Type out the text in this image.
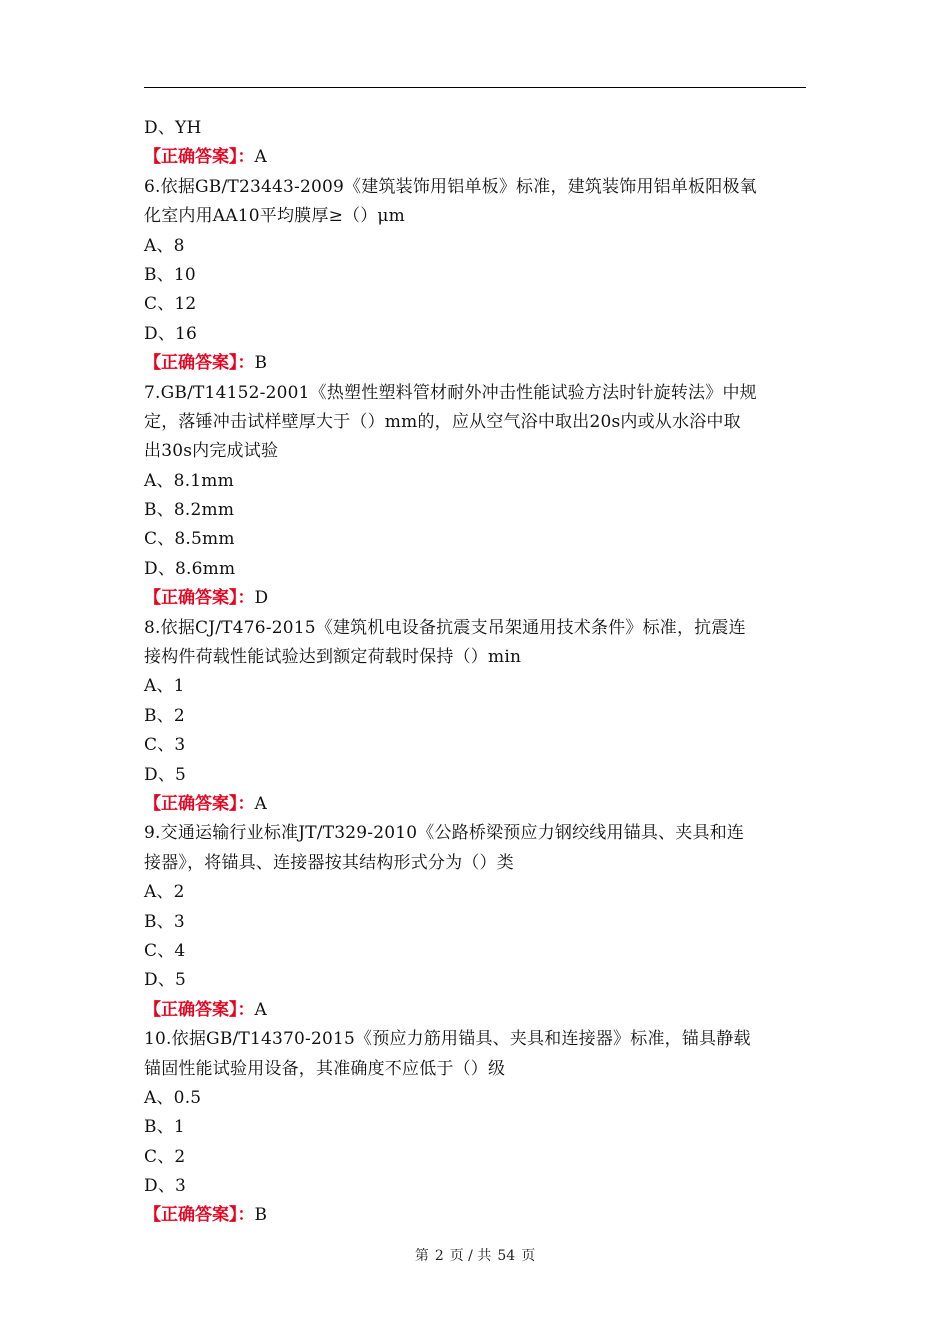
D、YH
【正确答案】：A
6.依据GB/T23443-2009《建筑装饰用铝单板》标准，建筑装饰用铝单板阳极氧
化室内用AA10平均膜厚≥（）μm
A、8
B、10
C、12
D、16
【正确答案】：B
7.GB/T14152-2001《热塑性塑料管材耐外冲击性能试验方法时针旋转法》中规
定，落锤冲击试样壁厚大于（）mm的，应从空气浴中取出20s内或从水浴中取
出30s内完成试验
A、8.1mm
B、8.2mm
C、8.5mm
D、8.6mm
【正确答案】：D
8.依据CJ/T476-2015《建筑机电设备抗震支吊架通用技术条件》标准，抗震连
接构件荷载性能试验达到额定荷载时保持（）min
A、1
B、2
C、3
D、5
【正确答案】：A
9.交通运输行业标准JT/T329-2010《公路桥梁预应力钢绞线用锚具、夹具和连
接器》，将锚具、连接器按其结构形式分为（）类
A、2
B、3
C、4
D、5
【正确答案】：A
10.依据GB/T14370-2015《预应力筋用锚具、夹具和连接器》标准，锚具静载
锚固性能试验用设备，其准确度不应低于（）级
A、0.5
B、1
C、2
D、3
【正确答案】：B
第 2 页 / 共 54 页
